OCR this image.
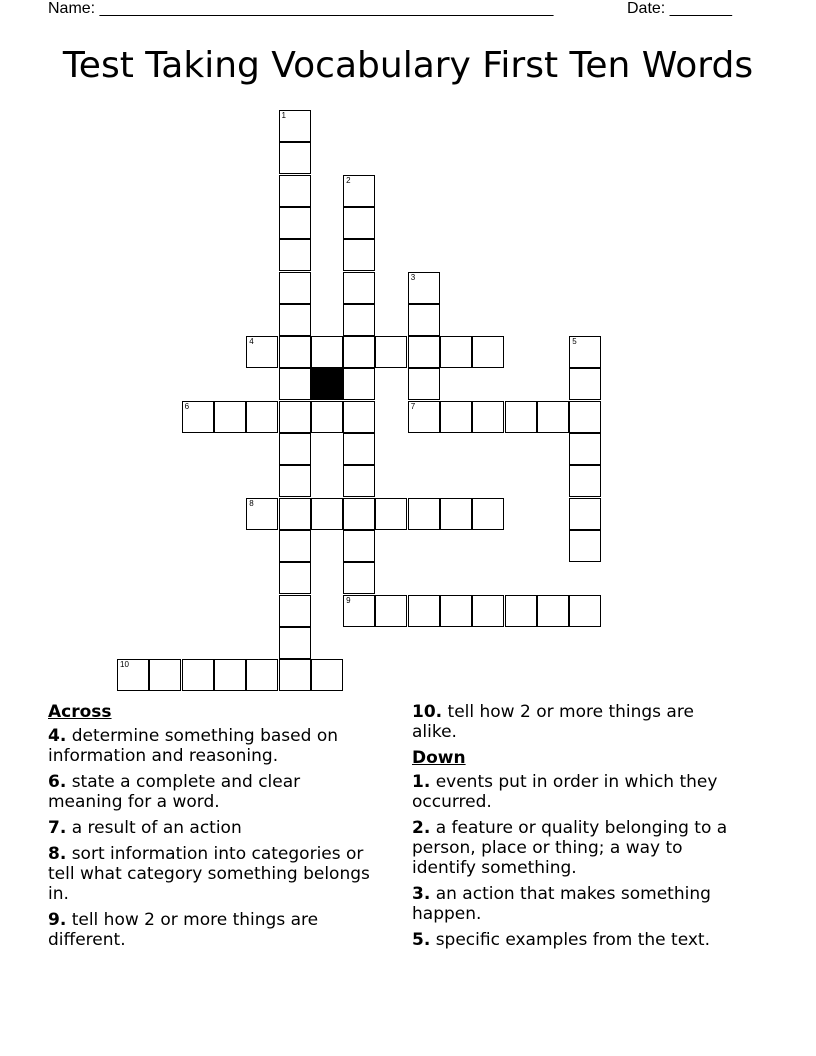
Name: ___________________________________________________	Date: _______
Test Taking Vocabulary First Ten Words
1
2
9
3
7
5
4
6
8
10
Across
4. determine something based on information and reasoning.
6. state a complete and clear meaning for a word.
7. a result of an action
8. sort information into categories or tell what category something belongs in.
9. tell how 2 or more things are different.
10. tell how 2 or more things are alike.
Down
1. events put in order in which they occurred.
2. a feature or quality belonging to a person, place or thing; a way to identify something.
3. an action that makes something happen.
5. specific examples from the text.
